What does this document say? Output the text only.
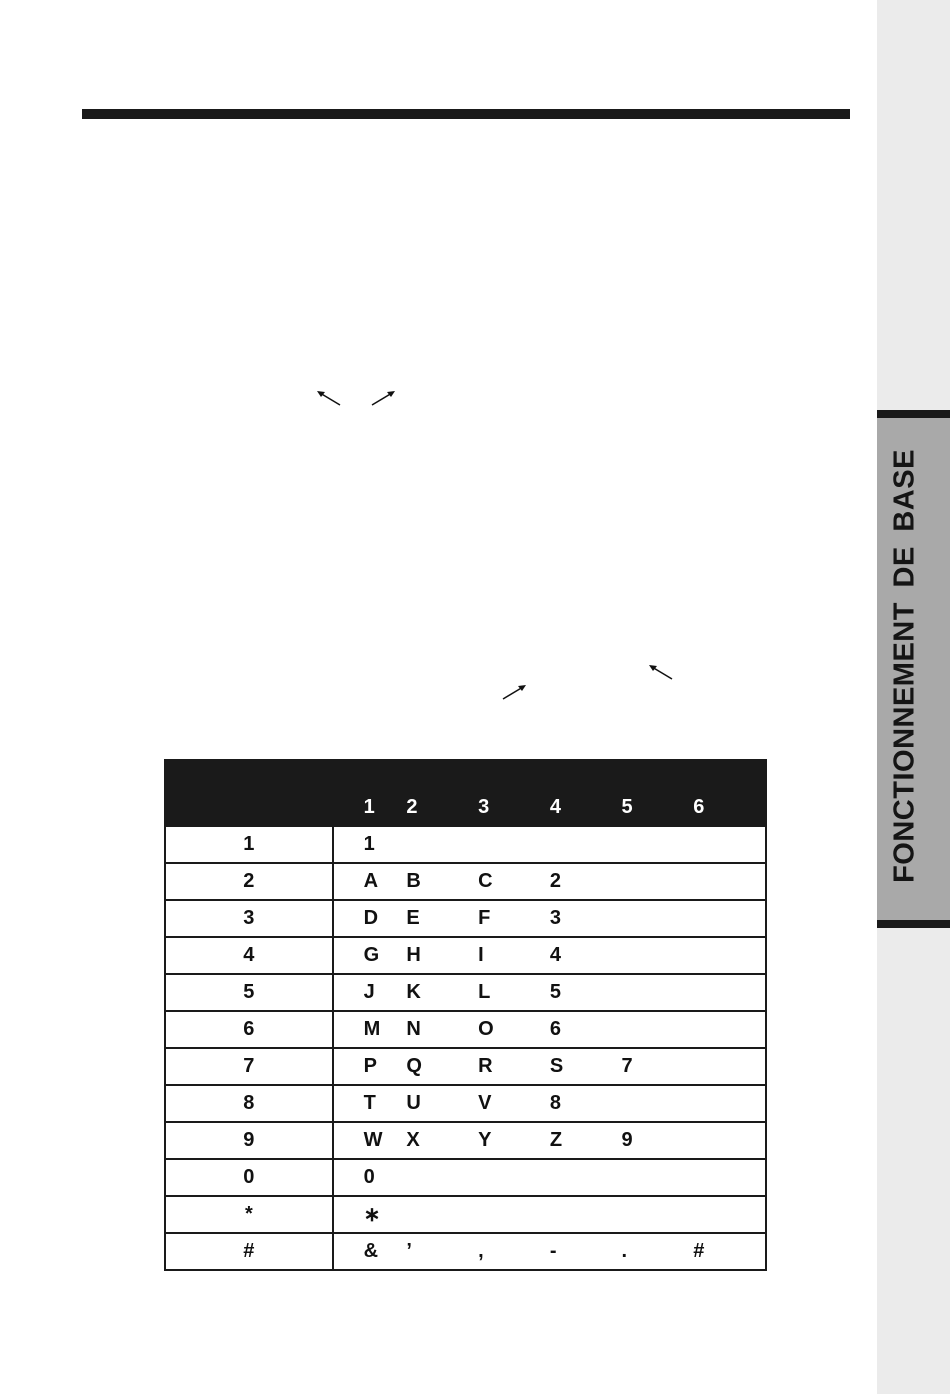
FONCTIONNEMENT DE BASE
	1	2	3	4	5	6
1	1					
2	A	B	C	2		
3	D	E	F	3		
4	G	H	I	4		
5	J	K	L	5		
6	M	N	O	6		
7	P	Q	R	S	7	
8	T	U	V	8		
9	W	X	Y	Z	9	
0	0					
*	∗					
#	&	’	,	-	.	#
